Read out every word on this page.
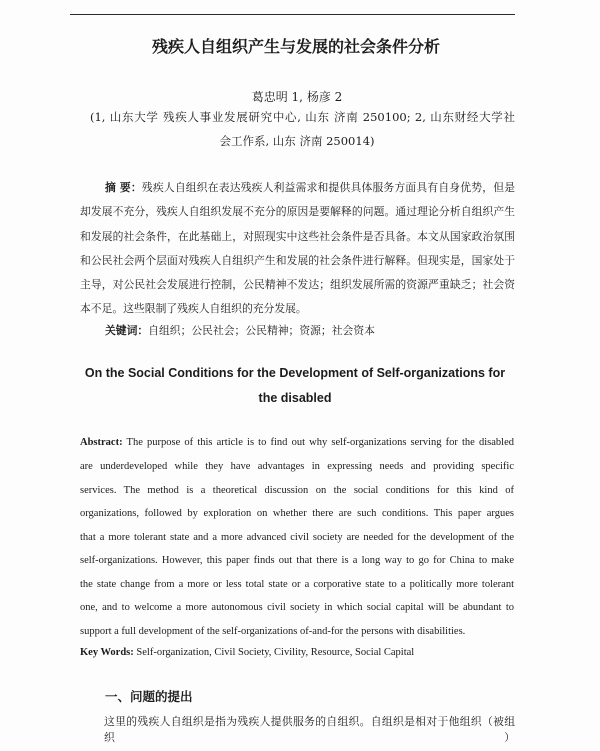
残疾人自组织产生与发展的社会条件分析
葛忠明 1, 杨彦 2
(1, 山东大学 残疾人事业发展研究中心, 山东 济南 250100; 2, 山东财经大学社
会工作系, 山东 济南 250014)
摘 要：残疾人自组织在表达残疾人利益需求和提供具体服务方面具有自身优势，但是
却发展不充分，残疾人自组织发展不充分的原因是要解释的问题。通过理论分析自组织产生
和发展的社会条件，在此基础上，对照现实中这些社会条件是否具备。本文从国家政治氛围
和公民社会两个层面对残疾人自组织产生和发展的社会条件进行解释。但现实是，国家处于
主导，对公民社会发展进行控制，公民精神不发达；组织发展所需的资源严重缺乏；社会资
本不足。这些限制了残疾人自组织的充分发展。
关键词：自组织；公民社会；公民精神；资源；社会资本
On the Social Conditions for the Development of Self-organizations for
the disabled
Abstract: The purpose of this article is to find out why self-organizations serving for the disabled
are underdeveloped while they have advantages in expressing needs and providing specific
services. The method is a theoretical discussion on the social conditions for this kind of
organizations, followed by exploration on whether there are such conditions. This paper argues
that a more tolerant state and a more advanced civil society are needed for the development of the
self-organizations. However, this paper finds out that there is a long way to go for China to make
the state change from a more or less total state or a corporative state to a politically more tolerant
one, and to welcome a more autonomous civil society in which social capital will be abundant to
support a full development of the self-organizations of-and-for the persons with disabilities.
Key Words: Self-organization, Civil Society, Civility, Resource, Social Capital
一、问题的提出
这里的残疾人自组织是指为残疾人提供服务的自组织。自组织是相对于他组织（被组织）
